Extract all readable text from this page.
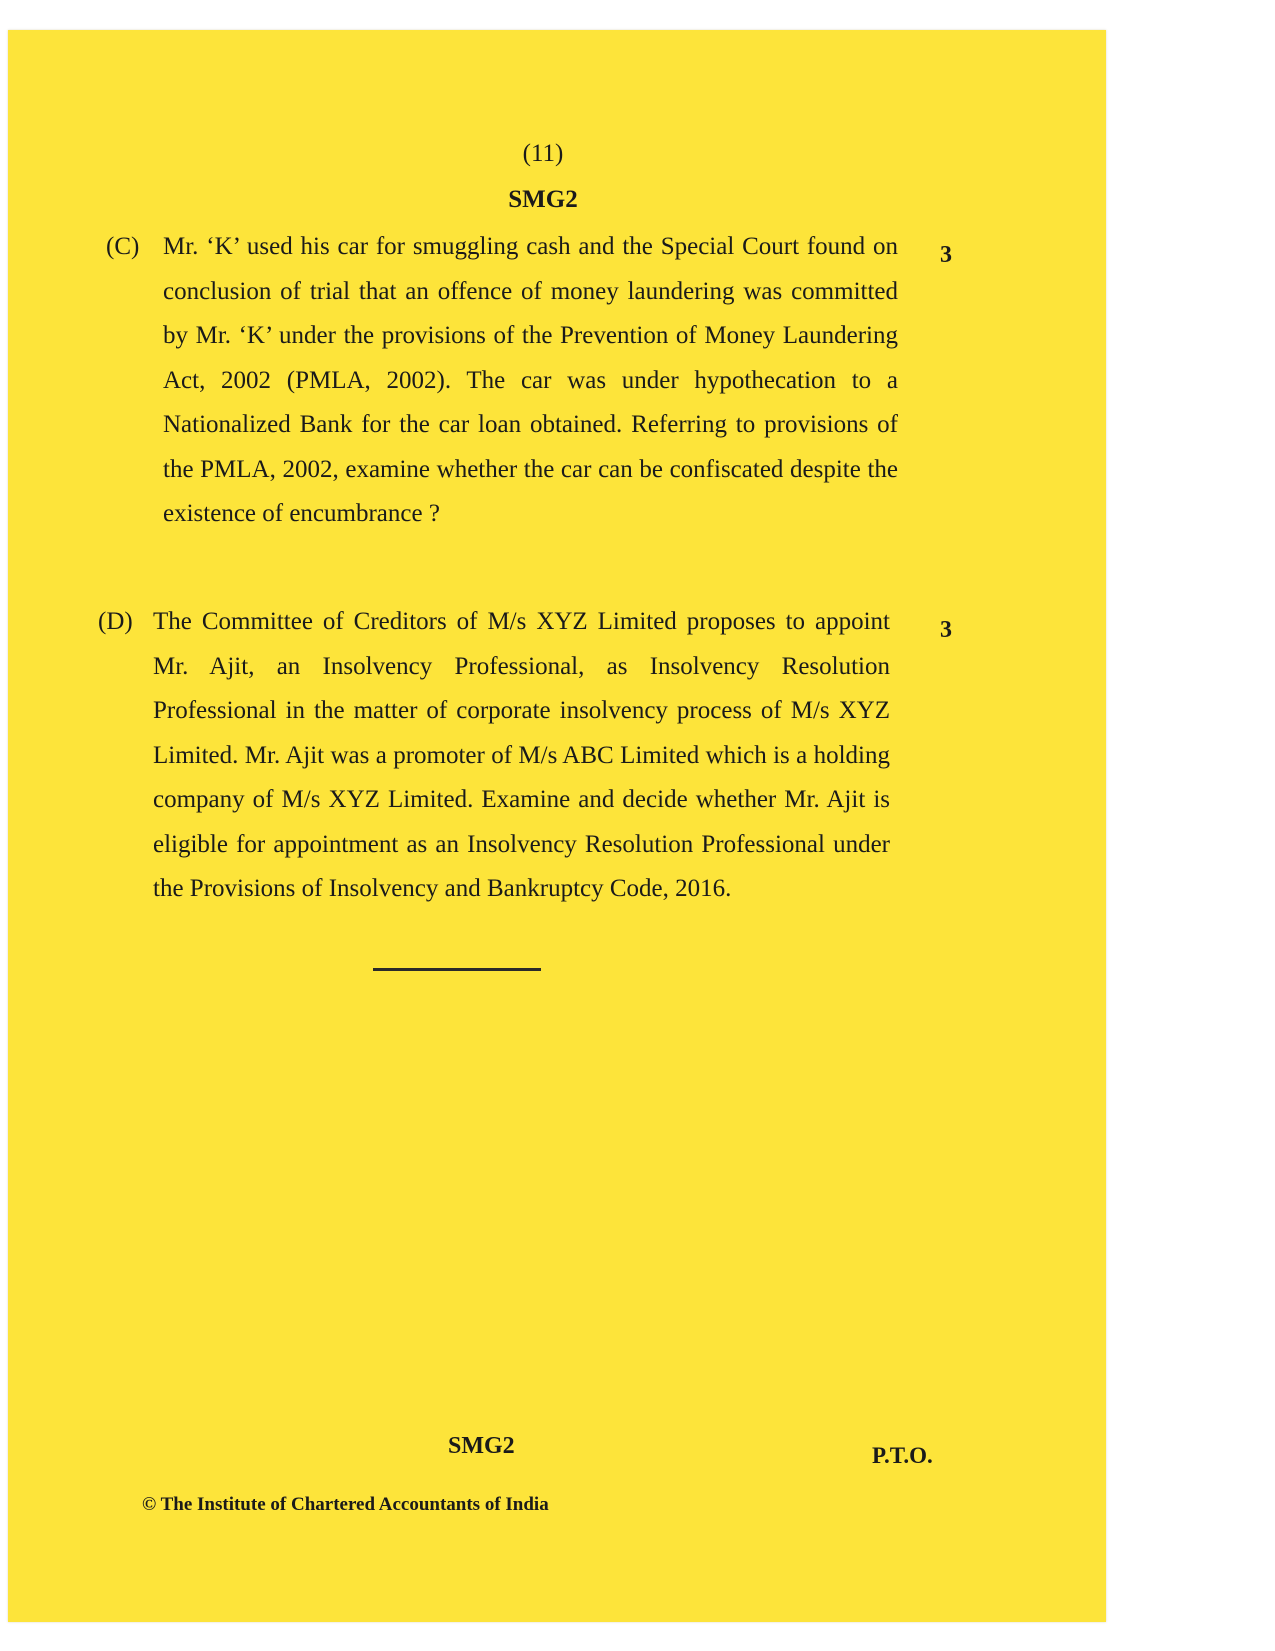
(11)
SMG2
(C) Mr. ‘K’ used his car for smuggling cash and the Special Court found on conclusion of trial that an offence of money laundering was committed by Mr. ‘K’ under the provisions of the Prevention of Money Laundering Act, 2002 (PMLA, 2002). The car was under hypothecation to a Nationalized Bank for the car loan obtained. Referring to provisions of the PMLA, 2002, examine whether the car can be confiscated despite the existence of encumbrance ?
3
(D) The Committee of Creditors of M/s XYZ Limited proposes to appoint Mr. Ajit, an Insolvency Professional, as Insolvency Resolution Professional in the matter of corporate insolvency process of M/s XYZ Limited. Mr. Ajit was a promoter of M/s ABC Limited which is a holding company of M/s XYZ Limited. Examine and decide whether Mr. Ajit is eligible for appointment as an Insolvency Resolution Professional under the Provisions of Insolvency and Bankruptcy Code, 2016.
3
SMG2	P.T.O.
© The Institute of Chartered Accountants of India
